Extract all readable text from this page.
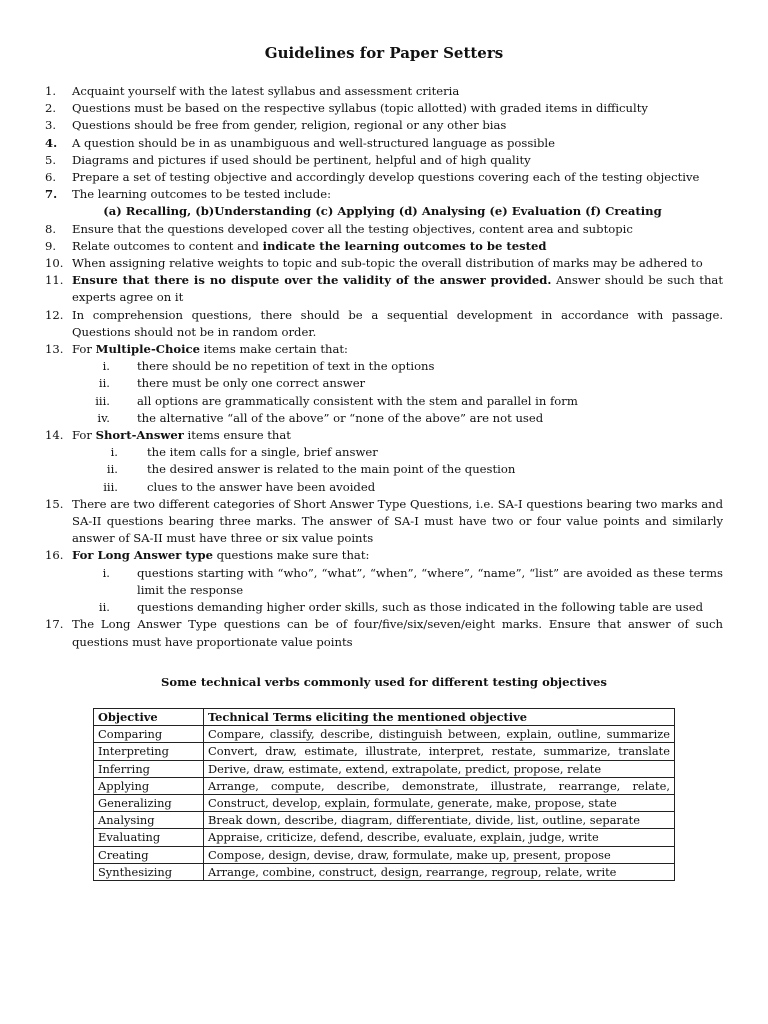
Guidelines for Paper Setters
1. Acquaint yourself with the latest syllabus and assessment criteria
2. Questions must be based on the respective syllabus (topic allotted) with graded items in difficulty
3. Questions should be free from gender, religion, regional or any other bias
4. A question should be in as unambiguous and well-structured language as possible
5. Diagrams and pictures if used should be pertinent, helpful and of high quality
6. Prepare a set of testing objective and accordingly develop questions covering each of the testing objective
7. The learning outcomes to be tested include:
(a) Recalling, (b)Understanding (c) Applying (d) Analysing (e) Evaluation (f) Creating
8. Ensure that the questions developed cover all the testing objectives, content area and subtopic
9. Relate outcomes to content and indicate the learning outcomes to be tested
10. When assigning relative weights to topic and sub-topic the overall distribution of marks may be adhered to
11. Ensure that there is no dispute over the validity of the answer provided. Answer should be such that experts agree on it
12. In comprehension questions, there should be a sequential development in accordance with passage. Questions should not be in random order.
13. For Multiple-Choice items make certain that:
i. there should be no repetition of text in the options
ii. there must be only one correct answer
iii. all options are grammatically consistent with the stem and parallel in form
iv. the alternative “all of the above” or “none of the above” are not used
14. For Short-Answer items ensure that
i.	the item calls for a single, brief answer
ii.	the desired answer is related to the main point of the question
iii.	clues to the answer have been avoided
15. There are two different categories of Short Answer Type Questions, i.e. SA-I questions bearing two marks and SA-II questions bearing three marks. The answer of SA-I must have two or four value points and similarly answer of SA-II must have three or six value points
16. For Long Answer type questions make sure that:
i. questions starting with “who”, “what”, “when”, “where”, “name”, “list” are avoided as these terms limit the response
ii. questions demanding higher order skills, such as those indicated in the following table are used
17. The Long Answer Type questions can be of four/five/six/seven/eight marks. Ensure that answer of such questions must have proportionate value points
Some technical verbs commonly used for different testing objectives
Objective	Technical Terms eliciting the mentioned objective
Comparing	Compare, classify, describe, distinguish between, explain, outline, summarize
Interpreting	Convert, draw, estimate, illustrate, interpret, restate, summarize, translate
Inferring	Derive, draw, estimate, extend, extrapolate, predict, propose, relate
Applying	Arrange, compute, describe, demonstrate, illustrate, rearrange, relate,
Generalizing	Construct, develop, explain, formulate, generate, make, propose, state
Analysing	Break down, describe, diagram, differentiate, divide, list, outline, separate
Evaluating	Appraise, criticize, defend, describe, evaluate, explain, judge, write
Creating	Compose, design, devise, draw, formulate, make up, present, propose
Synthesizing	Arrange, combine, construct, design, rearrange, regroup, relate, write
